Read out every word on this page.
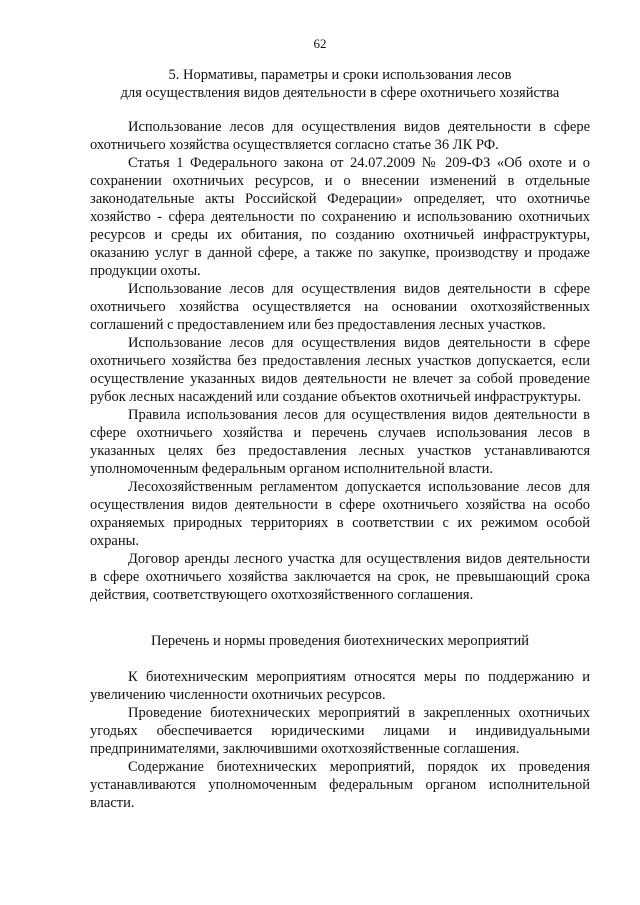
62
5. Нормативы, параметры и сроки использования лесов
для осуществления видов деятельности в сфере охотничьего хозяйства

Использование лесов для осуществления видов деятельности в сфере охотничьего хозяйства осуществляется согласно статье 36 ЛК РФ.

Статья 1 Федерального закона от 24.07.2009 № 209-ФЗ «Об охоте и о сохранении охотничьих ресурсов, и о внесении изменений в отдельные законодательные акты Российской Федерации» определяет, что охотничье хозяйство - сфера деятельности по сохранению и использованию охотничьих ресурсов и среды их обитания, по созданию охотничьей инфраструктуры, оказанию услуг в данной сфере, а также по закупке, производству и продаже продукции охоты.

Использование лесов для осуществления видов деятельности в сфере охотничьего хозяйства осуществляется на основании охотхозяйственных соглашений с предоставлением или без предоставления лесных участков.

Использование лесов для осуществления видов деятельности в сфере охотничьего хозяйства без предоставления лесных участков допускается, если осуществление указанных видов деятельности не влечет за собой проведение рубок лесных насаждений или создание объектов охотничьей инфраструктуры.

Правила использования лесов для осуществления видов деятельности в сфере охотничьего хозяйства и перечень случаев использования лесов в указанных целях без предоставления лесных участков устанавливаются уполномоченным федеральным органом исполнительной власти.

Лесохозяйственным регламентом допускается использование лесов для осуществления видов деятельности в сфере охотничьего хозяйства на особо охраняемых природных территориях в соответствии с их режимом особой охраны.

Договор аренды лесного участка для осуществления видов деятельности в сфере охотничьего хозяйства заключается на срок, не превышающий срока действия, соответствующего охотхозяйственного соглашения.

Перечень и нормы проведения биотехнических мероприятий

К биотехническим мероприятиям относятся меры по поддержанию и увеличению численности охотничьих ресурсов.

Проведение биотехнических мероприятий в закрепленных охотничьих угодьях обеспечивается юридическими лицами и индивидуальными предпринимателями, заключившими охотхозяйственные соглашения.

Содержание биотехнических мероприятий, порядок их проведения устанавливаются уполномоченным федеральным органом исполнительной власти.
